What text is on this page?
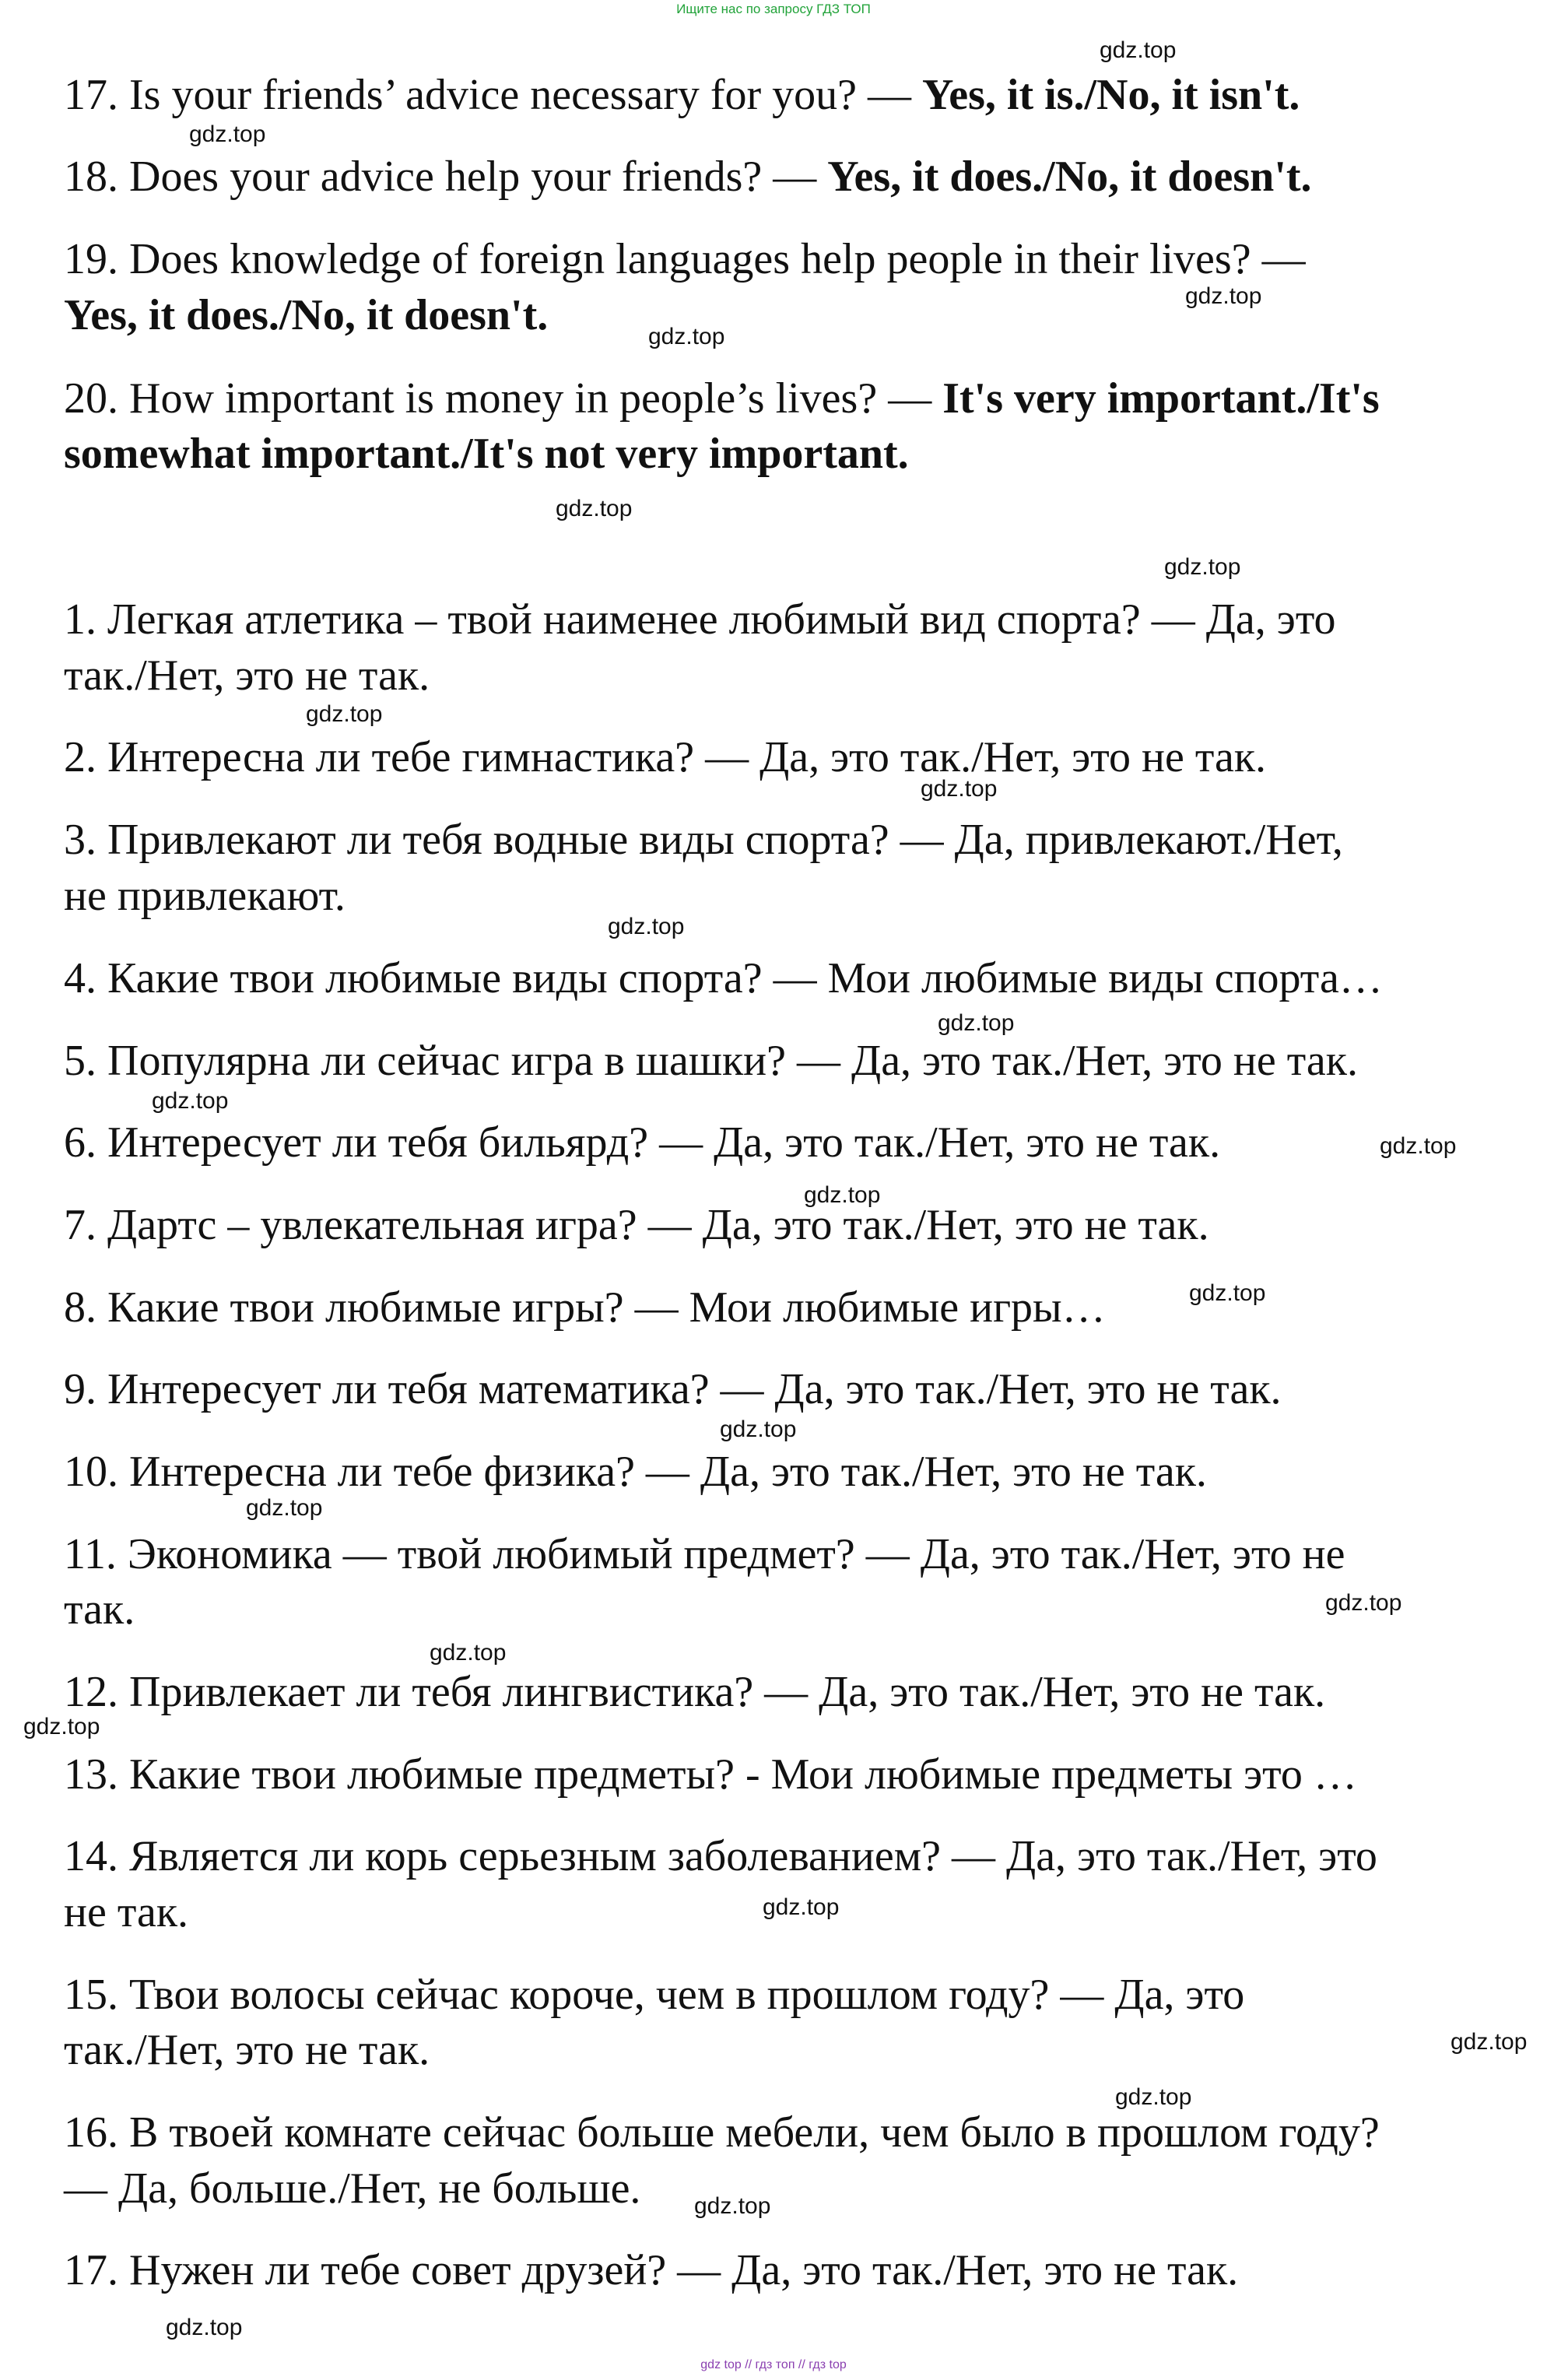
Ищите нас по запросу ГДЗ ТОП
17. Is your friends’ advice necessary for you? — Yes, it is./No, it isn't.
18. Does your advice help your friends? — Yes, it does./No, it doesn't.
19. Does knowledge of foreign languages help people in their lives? —
Yes, it does./No, it doesn't.
20. How important is money in people’s lives? — It's very important./It's
somewhat important./It's not very important.
1. Легкая атлетика – твой наименее любимый вид спорта? — Да, это
так./Нет, это не так.
2. Интересна ли тебе гимнастика? — Да, это так./Нет, это не так.
3. Привлекают ли тебя водные виды спорта? — Да, привлекают./Нет,
не привлекают.
4. Какие твои любимые виды спорта? — Мои любимые виды спорта…
5. Популярна ли сейчас игра в шашки? — Да, это так./Нет, это не так.
6. Интересует ли тебя бильярд? — Да, это так./Нет, это не так.
7. Дартс – увлекательная игра? — Да, это так./Нет, это не так.
8. Какие твои любимые игры? — Мои любимые игры…
9. Интересует ли тебя математика? — Да, это так./Нет, это не так.
10. Интересна ли тебе физика? — Да, это так./Нет, это не так.
11. Экономика — твой любимый предмет? — Да, это так./Нет, это не
так.
12. Привлекает ли тебя лингвистика? — Да, это так./Нет, это не так.
13. Какие твои любимые предметы? - Мои любимые предметы это …
14. Является ли корь серьезным заболеванием? — Да, это так./Нет, это
не так.
15. Твои волосы сейчас короче, чем в прошлом году? — Да, это
так./Нет, это не так.
16. В твоей комнате сейчас больше мебели, чем было в прошлом году?
— Да, больше./Нет, не больше.
17. Нужен ли тебе совет друзей? — Да, это так./Нет, это не так.
gdz.top
gdz.top
gdz.top
gdz.top
gdz.top
gdz.top
gdz.top
gdz.top
gdz.top
gdz.top
gdz.top
gdz.top
gdz.top
gdz.top
gdz.top
gdz.top
gdz.top
gdz.top
gdz.top
gdz.top
gdz.top
gdz.top
gdz.top
gdz.top
gdz top // гдз топ // гдз top
